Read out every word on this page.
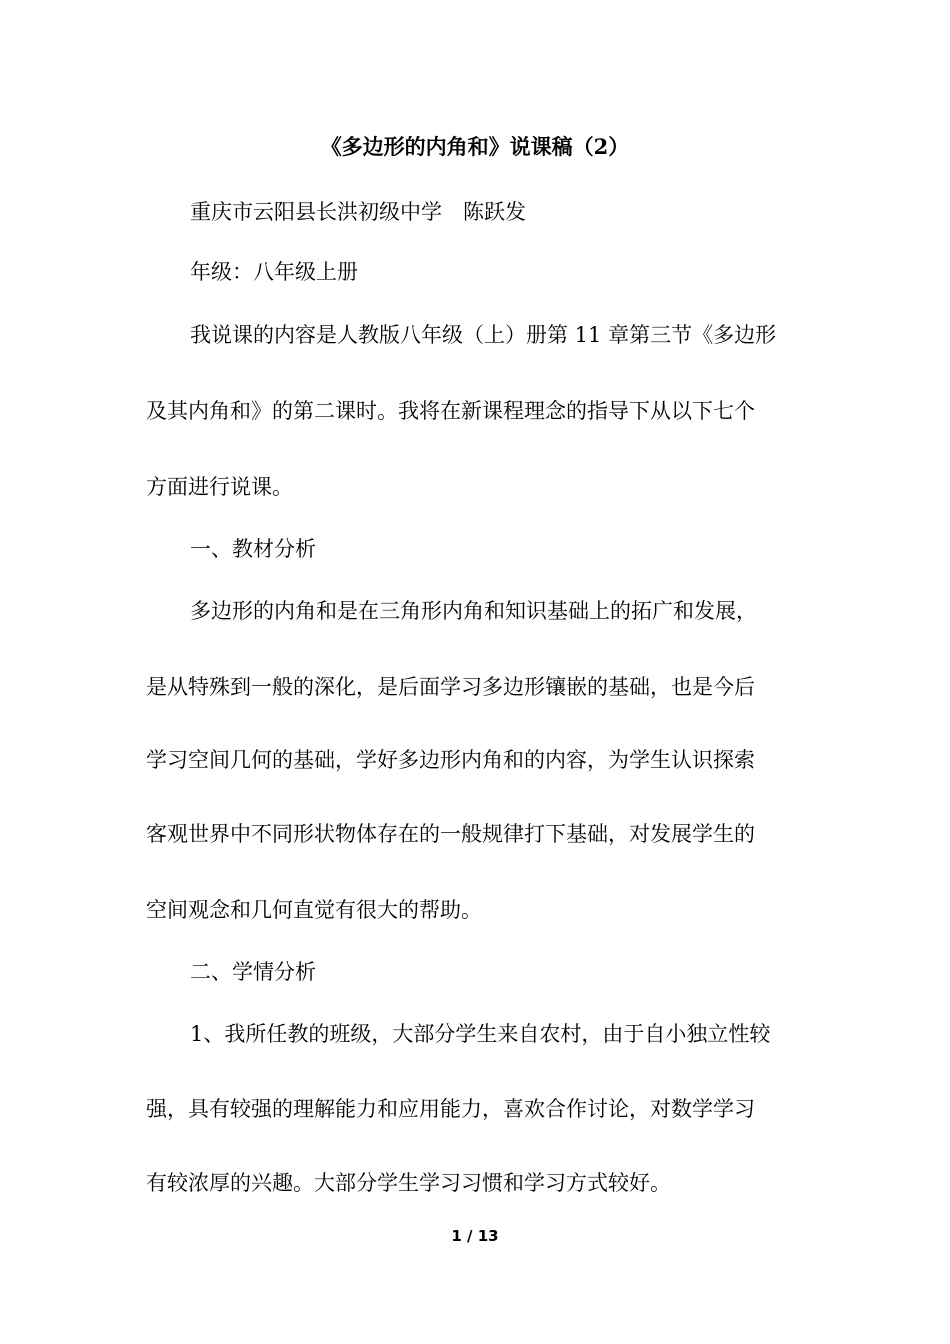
《多边形的内角和》说课稿（2）
重庆市云阳县长洪初级中学　陈跃发
年级：八年级上册
我说课的内容是人教版八年级（上）册第 11 章第三节《多边形
及其内角和》的第二课时。我将在新课程理念的指导下从以下七个
方面进行说课。
一、教材分析
多边形的内角和是在三角形内角和知识基础上的拓广和发展，
是从特殊到一般的深化，是后面学习多边形镶嵌的基础，也是今后
学习空间几何的基础，学好多边形内角和的内容，为学生认识探索
客观世界中不同形状物体存在的一般规律打下基础，对发展学生的
空间观念和几何直觉有很大的帮助。
二、学情分析
1、我所任教的班级，大部分学生来自农村，由于自小独立性较
强，具有较强的理解能力和应用能力，喜欢合作讨论，对数学学习
有较浓厚的兴趣。大部分学生学习习惯和学习方式较好。
1 / 13
